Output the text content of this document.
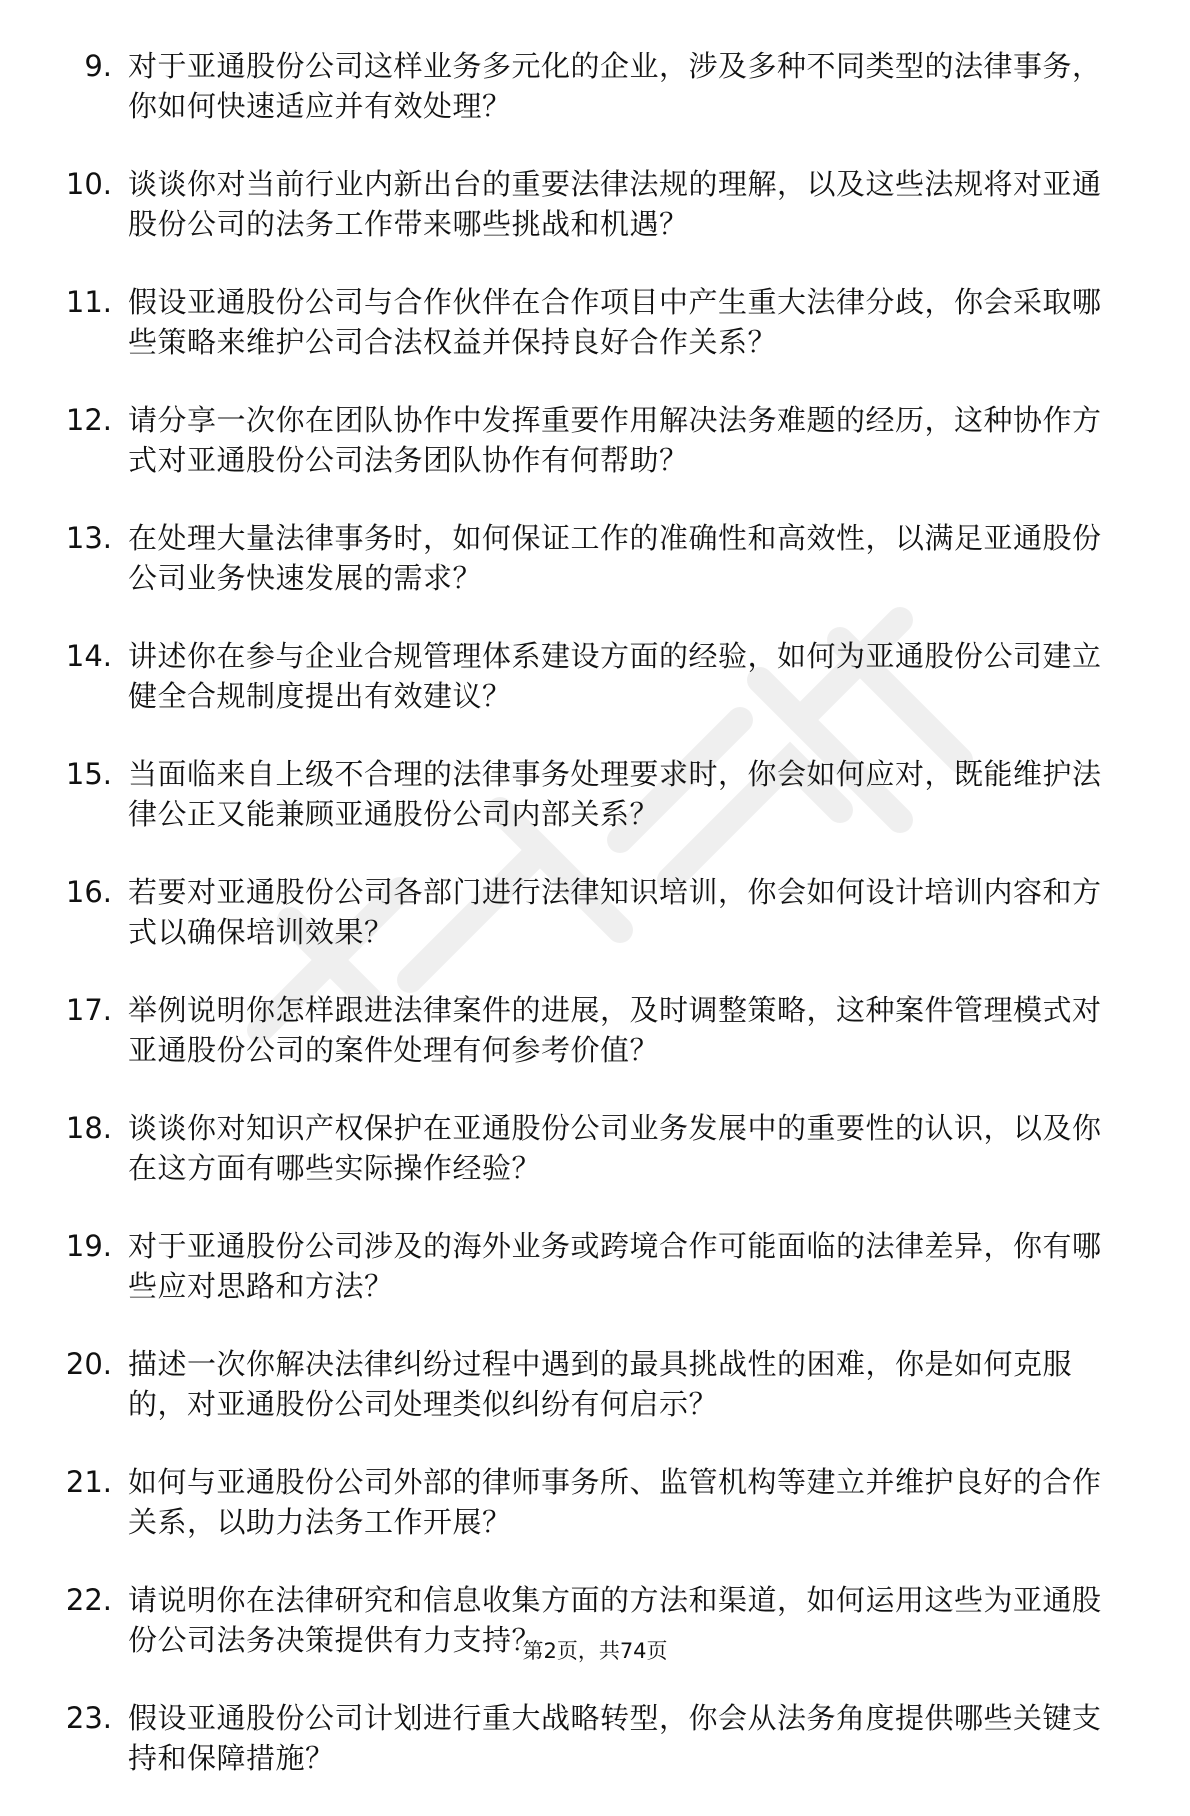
9. 对于亚通股份公司这样业务多元化的企业，涉及多种不同类型的法律事务，你如何快速适应并有效处理？
10. 谈谈你对当前行业内新出台的重要法律法规的理解，以及这些法规将对亚通股份公司的法务工作带来哪些挑战和机遇？
11. 假设亚通股份公司与合作伙伴在合作项目中产生重大法律分歧，你会采取哪些策略来维护公司合法权益并保持良好合作关系？
12. 请分享一次你在团队协作中发挥重要作用解决法务难题的经历，这种协作方式对亚通股份公司法务团队协作有何帮助？
13. 在处理大量法律事务时，如何保证工作的准确性和高效性，以满足亚通股份公司业务快速发展的需求？
14. 讲述你在参与企业合规管理体系建设方面的经验，如何为亚通股份公司建立健全合规制度提出有效建议？
15. 当面临来自上级不合理的法律事务处理要求时，你会如何应对，既能维护法律公正又能兼顾亚通股份公司内部关系？
16. 若要对亚通股份公司各部门进行法律知识培训，你会如何设计培训内容和方式以确保培训效果？
17. 举例说明你怎样跟进法律案件的进展，及时调整策略，这种案件管理模式对亚通股份公司的案件处理有何参考价值？
18. 谈谈你对知识产权保护在亚通股份公司业务发展中的重要性的认识，以及你在这方面有哪些实际操作经验？
19. 对于亚通股份公司涉及的海外业务或跨境合作可能面临的法律差异，你有哪些应对思路和方法？
20. 描述一次你解决法律纠纷过程中遇到的最具挑战性的困难，你是如何克服的，对亚通股份公司处理类似纠纷有何启示？
21. 如何与亚通股份公司外部的律师事务所、监管机构等建立并维护良好的合作关系，以助力法务工作开展？
22. 请说明你在法律研究和信息收集方面的方法和渠道，如何运用这些为亚通股份公司法务决策提供有力支持？
23. 假设亚通股份公司计划进行重大战略转型，你会从法务角度提供哪些关键支持和保障措施？
第2页，共74页
